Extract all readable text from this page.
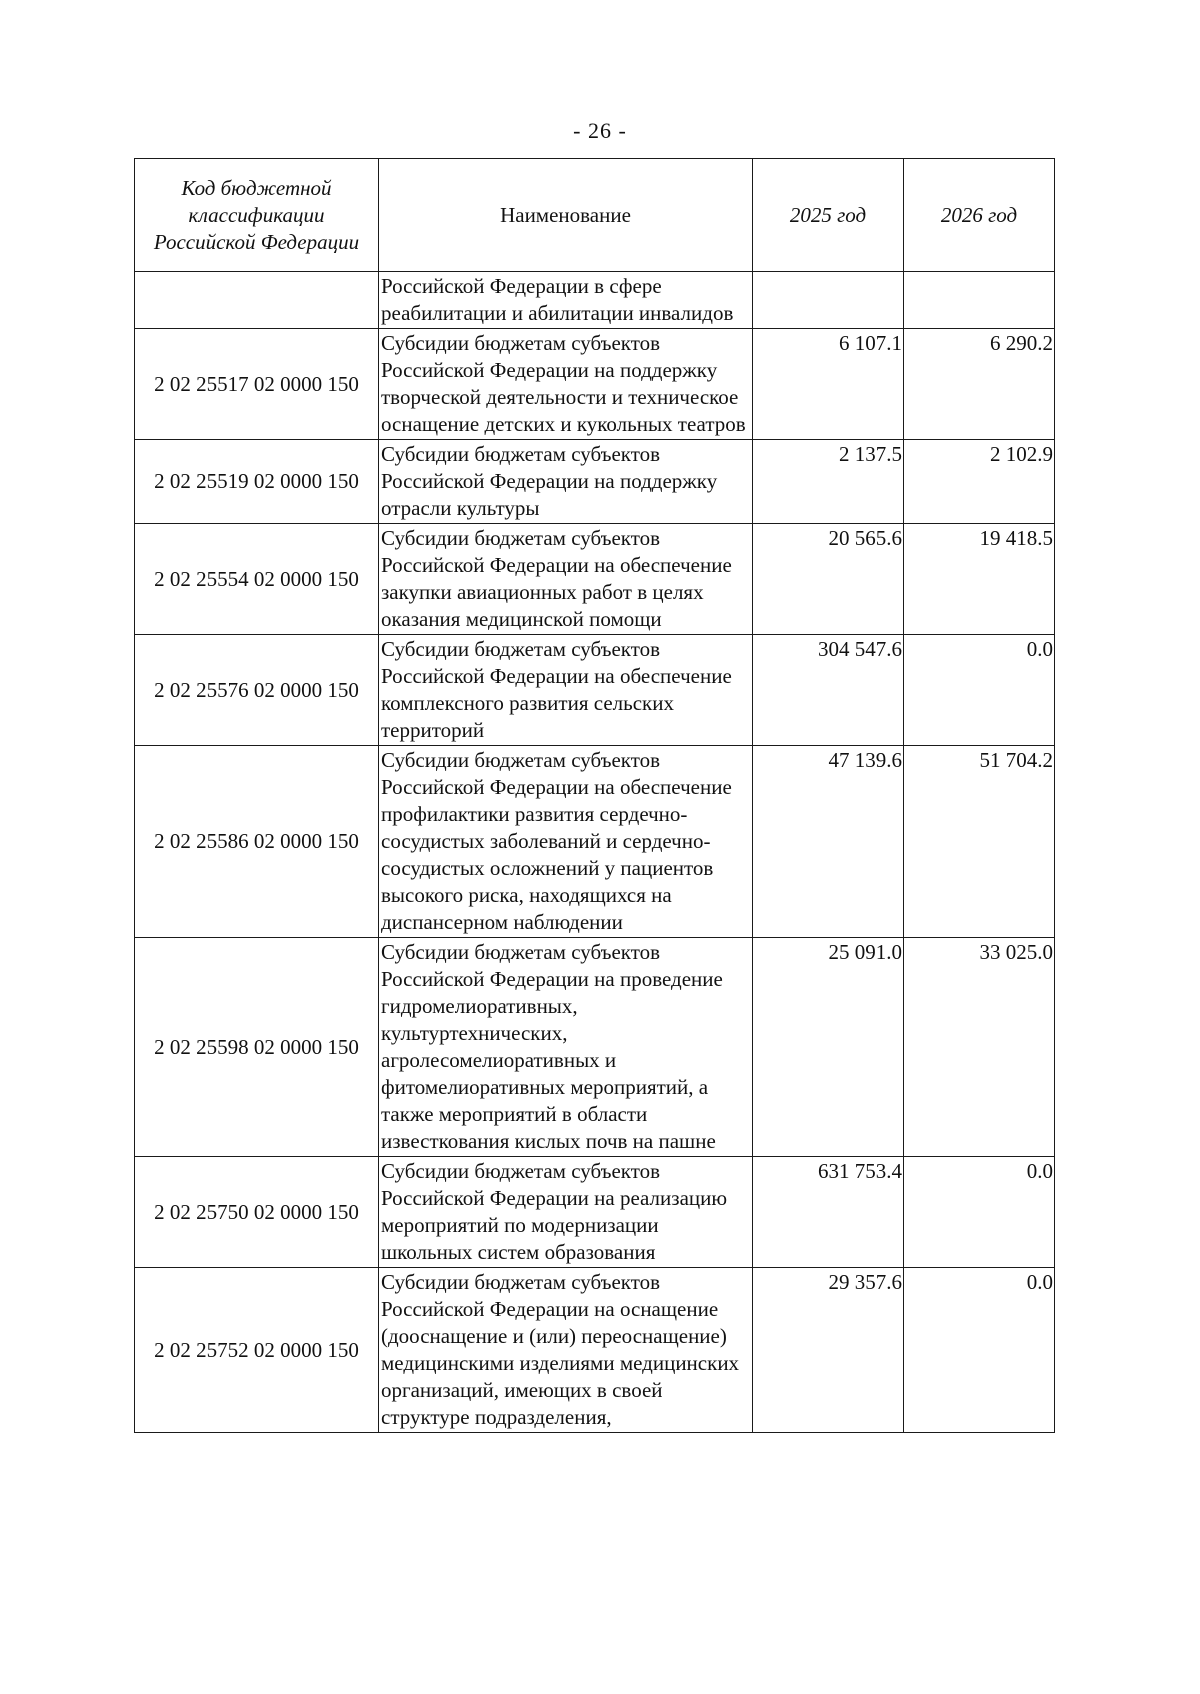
- 26 -
Код бюджетной классификации Российской Федерации	Наименование	2025 год	2026 год
	Российской Федерации в сфере реабилитации и абилитации инвалидов		
2 02 25517 02 0000 150	Субсидии бюджетам субъектов Российской Федерации на поддержку творческой деятельности и техническое оснащение детских и кукольных театров	6 107.1	6 290.2
2 02 25519 02 0000 150	Субсидии бюджетам субъектов Российской Федерации на поддержку отрасли культуры	2 137.5	2 102.9
2 02 25554 02 0000 150	Субсидии бюджетам субъектов Российской Федерации на обеспечение закупки авиационных работ в целях оказания медицинской помощи	20 565.6	19 418.5
2 02 25576 02 0000 150	Субсидии бюджетам субъектов Российской Федерации на обеспечение комплексного развития сельских территорий	304 547.6	0.0
2 02 25586 02 0000 150	Субсидии бюджетам субъектов Российской Федерации на обеспечение профилактики развития сердечно-сосудистых заболеваний и сердечно-сосудистых осложнений у пациентов высокого риска, находящихся на диспансерном наблюдении	47 139.6	51 704.2
2 02 25598 02 0000 150	Субсидии бюджетам субъектов Российской Федерации на проведение гидромелиоративных, культуртехнических, агролесомелиоративных и фитомелиоративных мероприятий, а также мероприятий в области известкования кислых почв на пашне	25 091.0	33 025.0
2 02 25750 02 0000 150	Субсидии бюджетам субъектов Российской Федерации на реализацию мероприятий по модернизации школьных систем образования	631 753.4	0.0
2 02 25752 02 0000 150	Субсидии бюджетам субъектов Российской Федерации на оснащение (дооснащение и (или) переоснащение) медицинскими изделиями медицинских организаций, имеющих в своей структуре подразделения,	29 357.6	0.0
